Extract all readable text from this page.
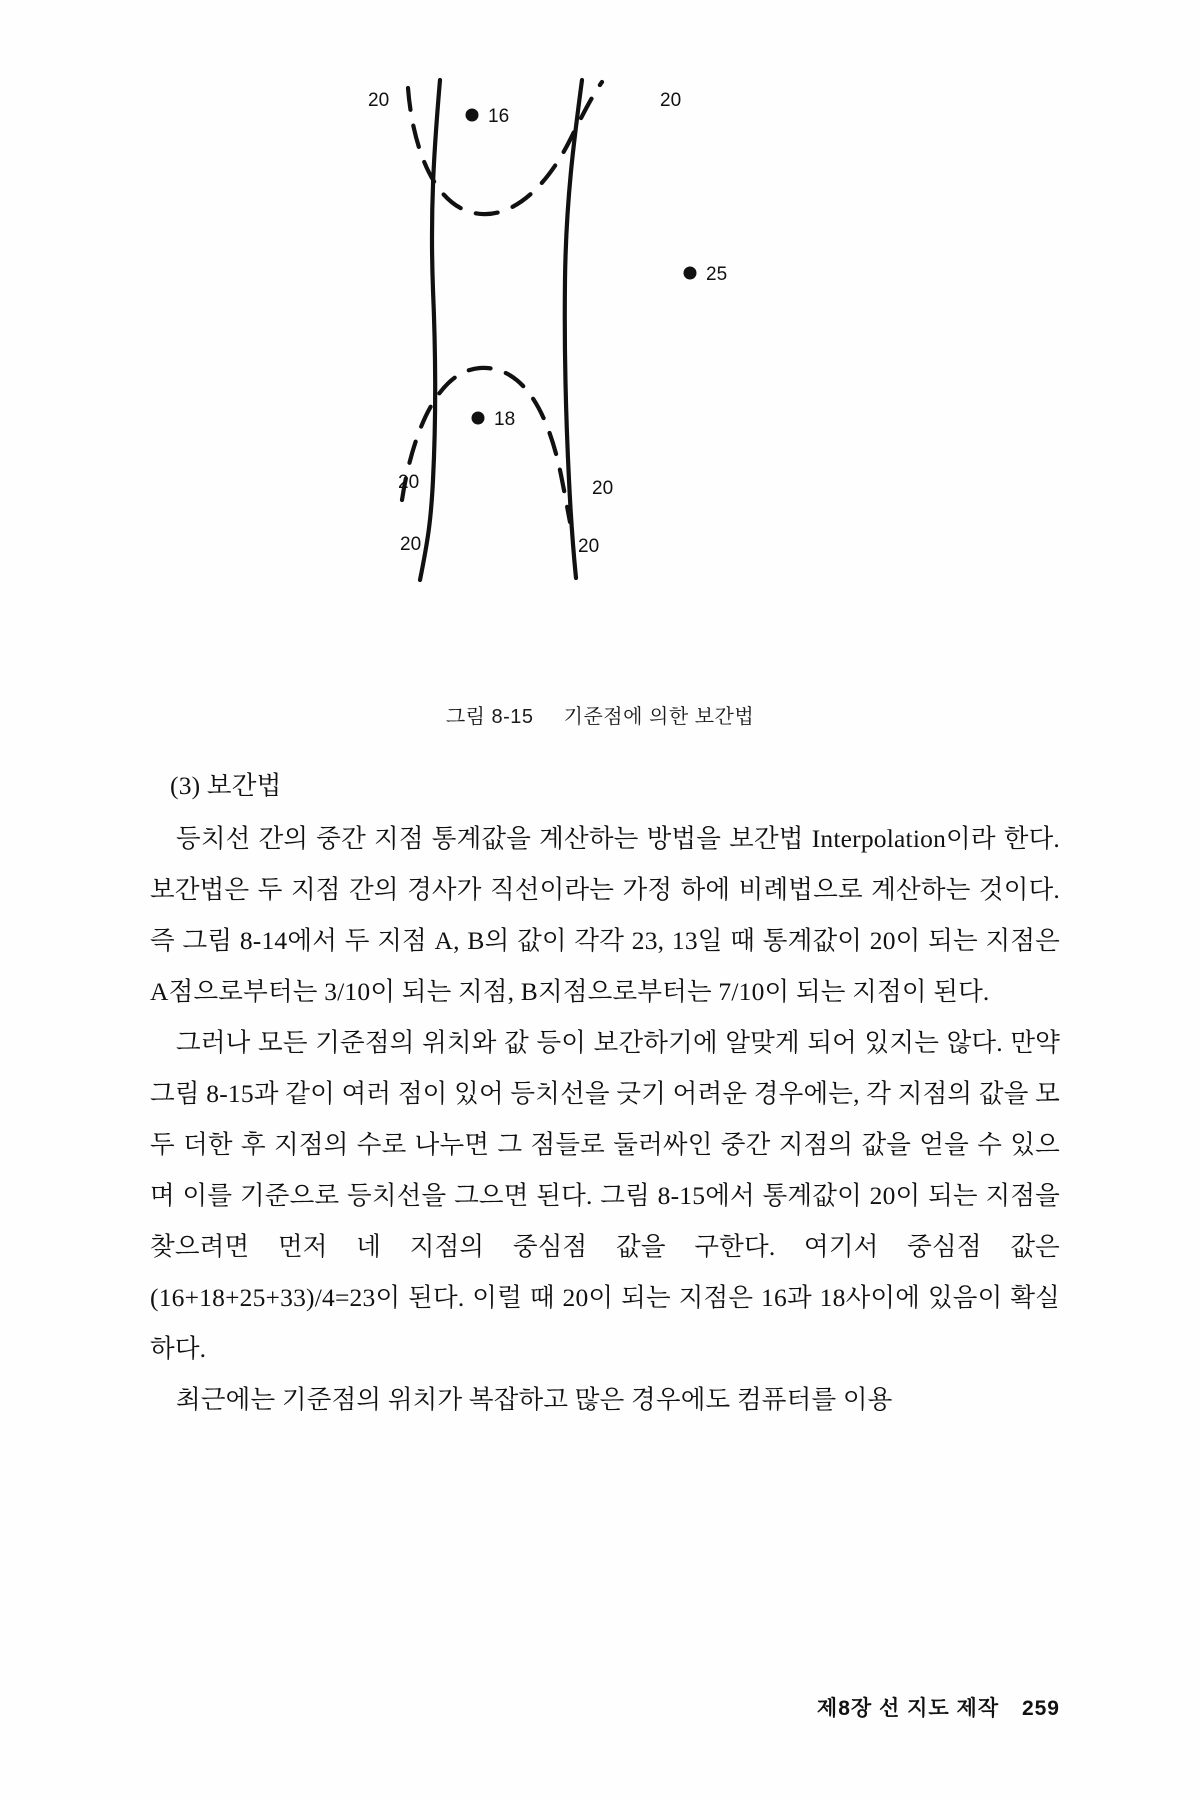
16
25
18
20	20
20	20
20	20
그림 8-15 기준점에 의한 보간법

(3) 보간법

등치선 간의 중간 지점 통계값을 계산하는 방법을 보간법 Interpolation이라 한다. 보간법은 두 지점 간의 경사가 직선이라는 가정 하에 비례법으로 계산하는 것이다. 즉 그림 8-14에서 두 지점 A, B의 값이 각각 23, 13일 때 통계값이 20이 되는 지점은 A점으로부터는 3/10이 되는 지점, B지점으로부터는 7/10이 되는 지점이 된다.

그러나 모든 기준점의 위치와 값 등이 보간하기에 알맞게 되어 있지는 않다. 만약 그림 8-15과 같이 여러 점이 있어 등치선을 긋기 어려운 경우에는, 각 지점의 값을 모두 더한 후 지점의 수로 나누면 그 점들로 둘러싸인 중간 지점의 값을 얻을 수 있으며 이를 기준으로 등치선을 그으면 된다. 그림 8-15에서 통계값이 20이 되는 지점을 찾으려면 먼저 네 지점의 중심점 값을 구한다. 여기서 중심점 값은 (16+18+25+33)/4=23이 된다. 이럴 때 20이 되는 지점은 16과 18사이에 있음이 확실하다.

최근에는 기준점의 위치가 복잡하고 많은 경우에도 컴퓨터를 이용

제8장 선 지도 제작 259
